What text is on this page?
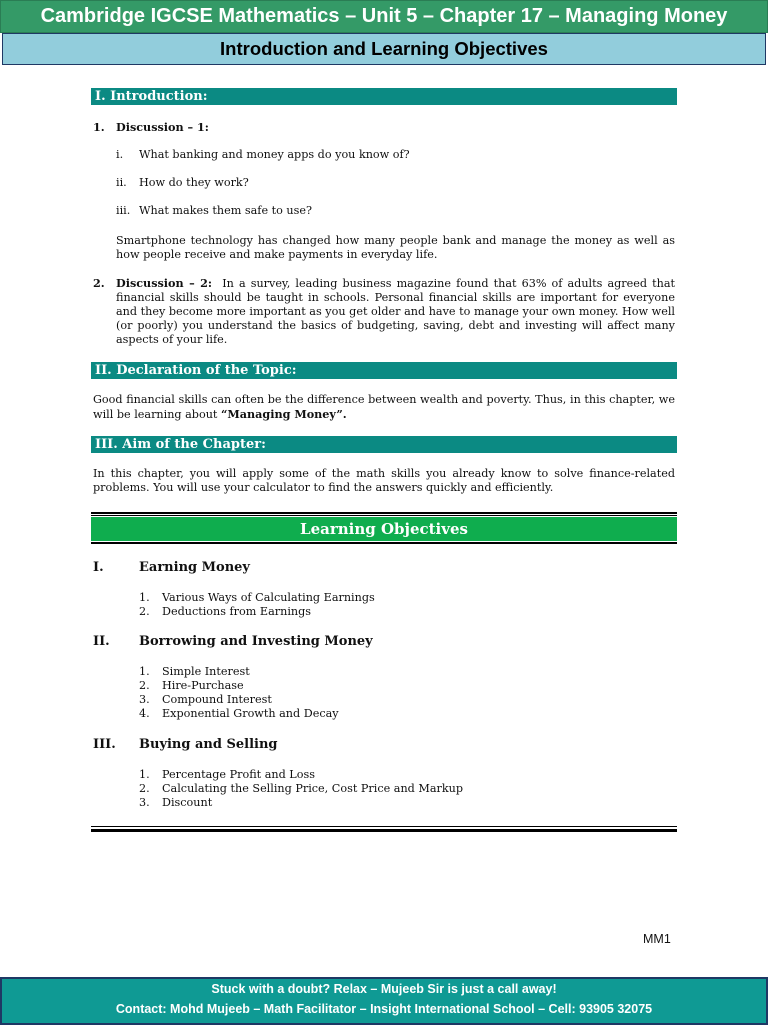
Cambridge IGCSE Mathematics – Unit 5 – Chapter 17 – Managing Money
Introduction and Learning Objectives
I. Introduction:
1. Discussion – 1:
i. What banking and money apps do you know of?
ii. How do they work?
iii. What makes them safe to use?
Smartphone technology has changed how many people bank and manage the money as well as how people receive and make payments in everyday life.
2. Discussion – 2: In a survey, leading business magazine found that 63% of adults agreed that financial skills should be taught in schools. Personal financial skills are important for everyone and they become more important as you get older and have to manage your own money. How well (or poorly) you understand the basics of budgeting, saving, debt and investing will affect many aspects of your life.
II. Declaration of the Topic:
Good financial skills can often be the difference between wealth and poverty. Thus, in this chapter, we will be learning about “Managing Money”.
III. Aim of the Chapter:
In this chapter, you will apply some of the math skills you already know to solve finance-related problems. You will use your calculator to find the answers quickly and efficiently.
Learning Objectives
I.	Earning Money
1. Various Ways of Calculating Earnings
2. Deductions from Earnings
II. Borrowing and Investing Money
1. Simple Interest
2. Hire-Purchase
3. Compound Interest
4. Exponential Growth and Decay
III. Buying and Selling
1. Percentage Profit and Loss
2. Calculating the Selling Price, Cost Price and Markup
3. Discount
MM1
Stuck with a doubt? Relax – Mujeeb Sir is just a call away!
Contact: Mohd Mujeeb – Math Facilitator – Insight International School – Cell: 93905 32075
